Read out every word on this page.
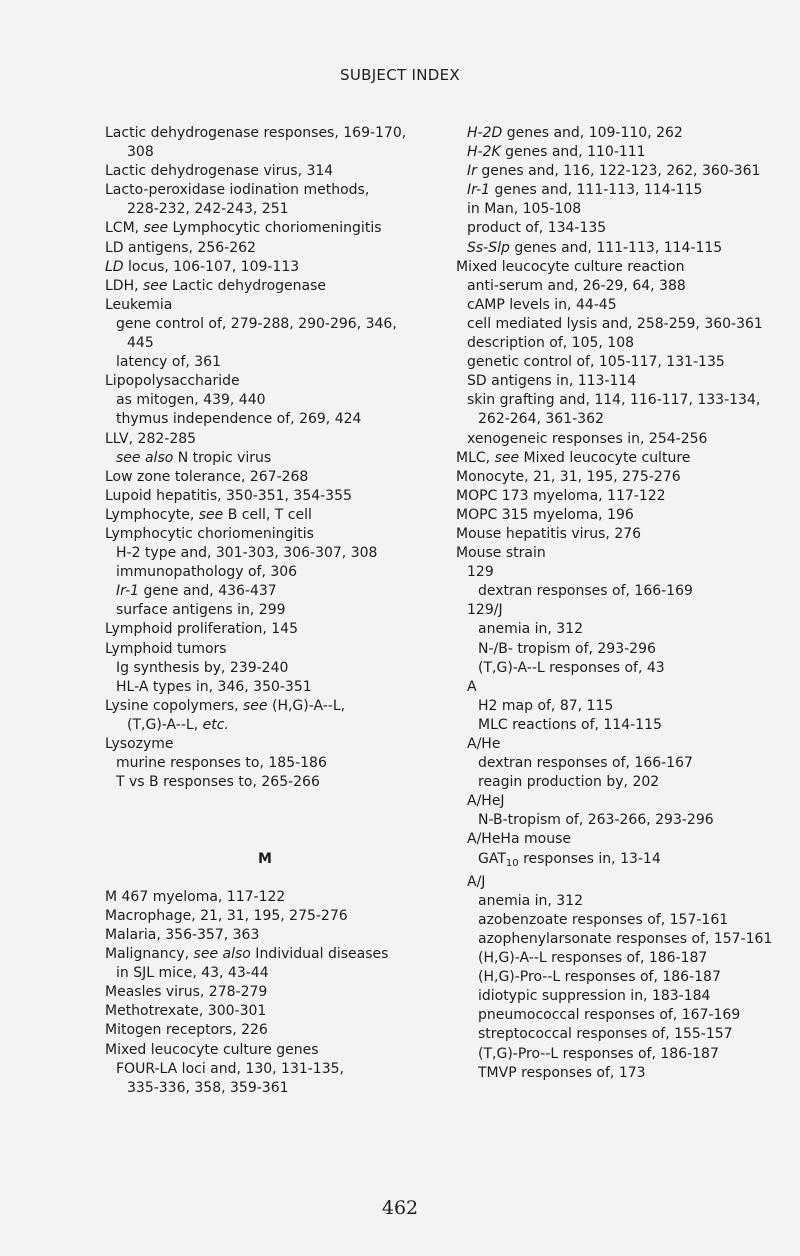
SUBJECT INDEX
Lactic dehydrogenase responses, 169-170,
308
Lactic dehydrogenase virus, 314
Lacto-peroxidase iodination methods,
228-232, 242-243, 251
LCM, see Lymphocytic choriomeningitis
LD antigens, 256-262
LD locus, 106-107, 109-113
LDH, see Lactic dehydrogenase
Leukemia
gene control of, 279-288, 290-296, 346,
445
latency of, 361
Lipopolysaccharide
as mitogen, 439, 440
thymus independence of, 269, 424
LLV, 282-285
see also N tropic virus
Low zone tolerance, 267-268
Lupoid hepatitis, 350-351, 354-355
Lymphocyte, see B cell, T cell
Lymphocytic choriomeningitis
H-2 type and, 301-303, 306-307, 308
immunopathology of, 306
Ir-1 gene and, 436-437
surface antigens in, 299
Lymphoid proliferation, 145
Lymphoid tumors
Ig synthesis by, 239-240
HL-A types in, 346, 350-351
Lysine copolymers, see (H,G)-A--L,
(T,G)-A--L, etc.
Lysozyme
murine responses to, 185-186
T vs B responses to, 265-266
M
M 467 myeloma, 117-122
Macrophage, 21, 31, 195, 275-276
Malaria, 356-357, 363
Malignancy, see also Individual diseases
in SJL mice, 43, 43-44
Measles virus, 278-279
Methotrexate, 300-301
Mitogen receptors, 226
Mixed leucocyte culture genes
FOUR-LA loci and, 130, 131-135,
335-336, 358, 359-361
H-2D genes and, 109-110, 262
H-2K genes and, 110-111
Ir genes and, 116, 122-123, 262, 360-361
Ir-1 genes and, 111-113, 114-115
in Man, 105-108
product of, 134-135
Ss-Slp genes and, 111-113, 114-115
Mixed leucocyte culture reaction
anti-serum and, 26-29, 64, 388
cAMP levels in, 44-45
cell mediated lysis and, 258-259, 360-361
description of, 105, 108
genetic control of, 105-117, 131-135
SD antigens in, 113-114
skin grafting and, 114, 116-117, 133-134,
262-264, 361-362
xenogeneic responses in, 254-256
MLC, see Mixed leucocyte culture
Monocyte, 21, 31, 195, 275-276
MOPC 173 myeloma, 117-122
MOPC 315 myeloma, 196
Mouse hepatitis virus, 276
Mouse strain
129
dextran responses of, 166-169
129/J
anemia in, 312
N-/B- tropism of, 293-296
(T,G)-A--L responses of, 43
A
H2 map of, 87, 115
MLC reactions of, 114-115
A/He
dextran responses of, 166-167
reagin production by, 202
A/HeJ
N-B-tropism of, 263-266, 293-296
A/HeHa mouse
$GAT_{10}$ responses in, 13-14
A/J
anemia in, 312
azobenzoate responses of, 157-161
azophenylarsonate responses of, 157-161
(H,G)-A--L responses of, 186-187
(H,G)-Pro--L responses of, 186-187
idiotypic suppression in, 183-184
pneumococcal responses of, 167-169
streptococcal responses of, 155-157
(T,G)-Pro--L responses of, 186-187
TMVP responses of, 173
462
